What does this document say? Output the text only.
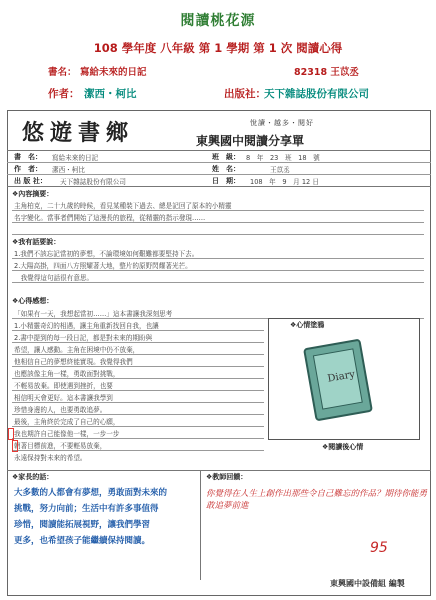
閱讀桃花源
108 學年度 八年級 第 1 學期 第 1 次 閱讀心得
書名： 寫給未來的日記	82318 王苡丞
作者： 潔西・柯比	出版社：
天下雜誌股份有限公司
悠遊書鄉	悅讀・越多・閱好
東興國中閱讀分享單
書　名： 寫給未來的日記	班　級： 8　年　23　班　18　號
作　者： 潔西・柯比	姓　名：	王苡丞
出 版 社： 天下雜誌股份有限公司	日　期： 108　年　9　月 12 日
❖內容摘要：
主角柏克，二十九歲的時候，看見某種裝下過去、總是記回了原本的小精靈
名字變化。當事者們開始了這漫長的旅程，從精靈的指示發現……
❖我有話要說：
1.我們不該忘記當初的夢想，不論環境如何艱難都要堅持下去。
2.大陽高掛，四面八方照耀著大地，整片的原野閃耀著光芒。
　我覺得這句話很有意思。
❖心得感想：
「如果有一天，我想起當初……」這本書讓我深刻思考
1.小精靈奇幻的相遇，讓主角重新找回自我，也讓
2.書中提到的每一段日記，都是對未來的期盼與
希望，讓人感動。主角在困境中仍不放棄，
他相信自己的夢想終能實現。我覺得我們
也應該像主角一樣，勇敢面對挑戰，
不輕易放棄。即使遇到挫折，也要
相信明天會更好。這本書讓我學到
珍惜身邊的人，也要勇敢追夢。
最後，主角終於完成了自己的心願，
我也期許自己能像他一樣，一步一步
朝著目標前進，不要輕易放棄，
永遠保持對未來的希望。
❖心情塗鴉
Diary
❖閱讀後心情
❖家長的話：
大多數的人都會有夢想，勇敢面對未來的
挑戰，努力向前；生活中有許多事值得
珍惜，閱讀能拓展視野，讓我們學習
更多，也希望孩子能繼續保持閱讀。
❖教師回饋：
你覺得在人生上創作出那些令自己難忘的作品？期待你能勇敢追夢前進
95
東興國中設備組 編製
